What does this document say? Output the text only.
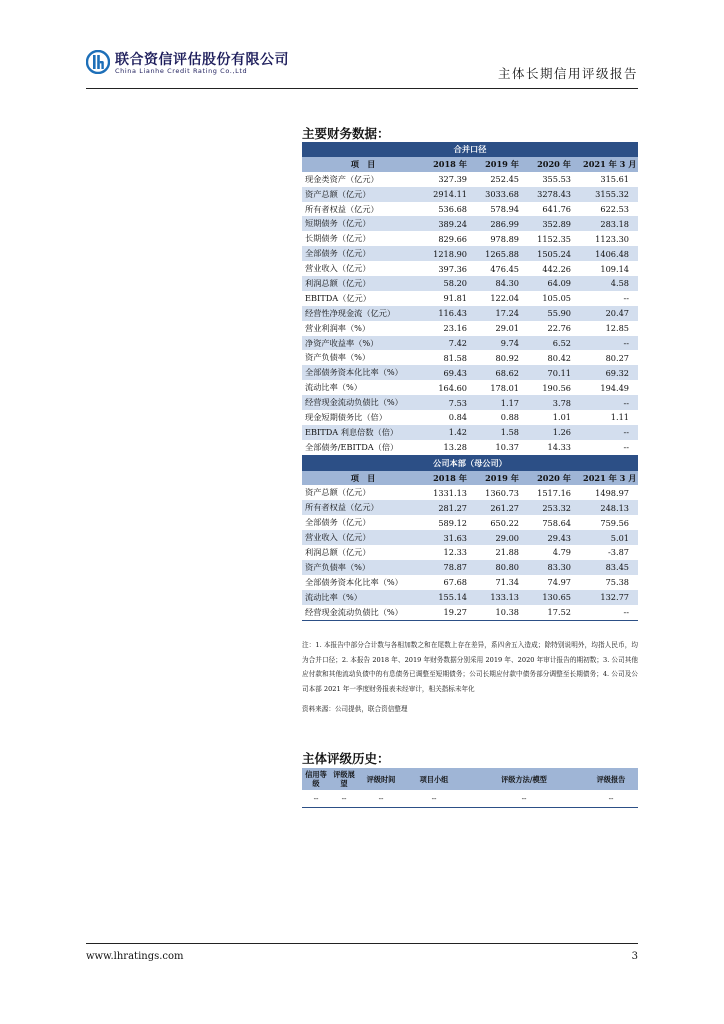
联合资信评估股份有限公司
China Lianhe Credit Rating Co.,Ltd	主体长期信用评级报告
主要财务数据：
合并口径				
项　目	2018 年	2019 年	2020 年	2021 年 3 月
现金类资产（亿元）	327.39	252.45	355.53	315.61
资产总额（亿元）	2914.11	3033.68	3278.43	3155.32
所有者权益（亿元）	536.68	578.94	641.76	622.53
短期债务（亿元）	389.24	286.99	352.89	283.18
长期债务（亿元）	829.66	978.89	1152.35	1123.30
全部债务（亿元）	1218.90	1265.88	1505.24	1406.48
营业收入（亿元）	397.36	476.45	442.26	109.14
利润总额（亿元）	58.20	84.30	64.09	4.58
EBITDA（亿元）	91.81	122.04	105.05	--
经营性净现金流（亿元）	116.43	17.24	55.90	20.47
营业利润率（%）	23.16	29.01	22.76	12.85
净资产收益率（%）	7.42	9.74	6.52	--
资产负债率（%）	81.58	80.92	80.42	80.27
全部债务资本化比率（%）	69.43	68.62	70.11	69.32
流动比率（%）	164.60	178.01	190.56	194.49
经营现金流动负债比（%）	7.53	1.17	3.78	--
现金短期债务比（倍）	0.84	0.88	1.01	1.11
EBITDA 利息倍数（倍）	1.42	1.58	1.26	--
全部债务/EBITDA（倍）	13.28	10.37	14.33	--
公司本部（母公司）				
项　目	2018 年	2019 年	2020 年	2021 年 3 月
资产总额（亿元）	1331.13	1360.73	1517.16	1498.97
所有者权益（亿元）	281.27	261.27	253.32	248.13
全部债务（亿元）	589.12	650.22	758.64	759.56
营业收入（亿元）	31.63	29.00	29.43	5.01
利润总额（亿元）	12.33	21.88	4.79	-3.87
资产负债率（%）	78.87	80.80	83.30	83.45
全部债务资本化比率（%）	67.68	71.34	74.97	75.38
流动比率（%）	155.14	133.13	130.65	132.77
经营现金流动负债比（%）	19.27	10.38	17.52	--
注：1. 本报告中部分合计数与各相加数之和在尾数上存在差异，系四舍五入造成；除特别说明外，均指人民币，均为合并口径；2. 本报告 2018 年、2019 年财务数据分别采用 2019 年、2020 年审计报告的期初数；3. 公司其他应付款和其他流动负债中的有息债务已调整至短期债务；公司长期应付款中债务部分调整至长期债务；4. 公司及公司本部 2021 年一季度财务报表未经审计，相关指标未年化
资料来源：公司提供，联合资信整理
主体评级历史：
信用等级	评级展望	评级时间	项目小组	评级方法/模型	评级报告
--	--	--	--	--	--
www.lhratings.com	3
